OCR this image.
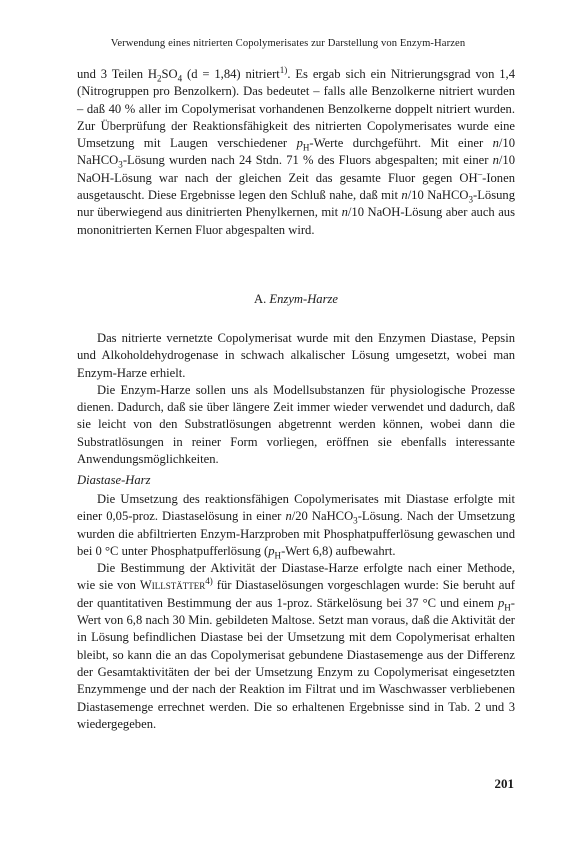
Verwendung eines nitrierten Copolymerisates zur Darstellung von Enzym-Harzen

und 3 Teilen $H_2SO_4$ (d = 1,84) nitriert$^{1)}$. Es ergab sich ein Nitrierungsgrad von 1,4 (Nitrogruppen pro Benzolkern). Das bedeutet – falls alle Benzolkerne nitriert wurden – daß 40 % aller im Copolymerisat vorhandenen Benzolkerne doppelt nitriert wurden. Zur Überprüfung der Reaktionsfähigkeit des nitrierten Copolymerisates wurde eine Umsetzung mit Laugen verschiedener $p_H$-Werte durchgeführt. Mit einer n/10 NaHCO$_3$-Lösung wurden nach 24 Stdn. 71 % des Fluors abgespalten; mit einer n/10 NaOH-Lösung war nach der gleichen Zeit das gesamte Fluor gegen OH–-Ionen ausgetauscht. Diese Ergebnisse legen den Schluß nahe, daß mit n/10 NaHCO$_3$-Lösung nur überwiegend aus dinitrierten Phenylkernen, mit n/10 NaOH-Lösung aber auch aus mononitrierten Kernen Fluor abgespalten wird.

A. Enzym-Harze

Das nitrierte vernetzte Copolymerisat wurde mit den Enzymen Diastase, Pepsin und Alkoholdehydrogenase in schwach alkalischer Lösung umgesetzt, wobei man Enzym-Harze erhielt.

Die Enzym-Harze sollen uns als Modellsubstanzen für physiologische Prozesse dienen. Dadurch, daß sie über längere Zeit immer wieder verwendet und dadurch, daß sie leicht von den Substratlösungen abgetrennt werden können, wobei dann die Substratlösungen in reiner Form vorliegen, eröffnen sie ebenfalls interessante Anwendungsmöglichkeiten.

Diastase-Harz

Die Umsetzung des reaktionsfähigen Copolymerisates mit Diastase erfolgte mit einer 0,05-proz. Diastaselösung in einer n/20 NaHCO$_3$-Lösung. Nach der Umsetzung wurden die abfiltrierten Enzym-Harzproben mit Phosphatpufferlösung gewaschen und bei 0 °C unter Phosphatpufferlösung ($p_H$-Wert 6,8) aufbewahrt.

Die Bestimmung der Aktivität der Diastase-Harze erfolgte nach einer Methode, wie sie von Willstätter$^{4)}$ für Diastaselösungen vorgeschlagen wurde: Sie beruht auf der quantitativen Bestimmung der aus 1-proz. Stärkelösung bei 37 °C und einem $p_H$-Wert von 6,8 nach 30 Min. gebildeten Maltose. Setzt man voraus, daß die Aktivität der in Lösung befindlichen Diastase bei der Umsetzung mit dem Copolymerisat erhalten bleibt, so kann die an das Copolymerisat gebundene Diastasemenge aus der Differenz der Gesamtaktivitäten der bei der Umsetzung Enzym zu Copolymerisat eingesetzten Enzymmenge und der nach der Reaktion im Filtrat und im Waschwasser verbliebenen Diastasemenge errechnet werden. Die so erhaltenen Ergebnisse sind in Tab. 2 und 3 wiedergegeben.

201
